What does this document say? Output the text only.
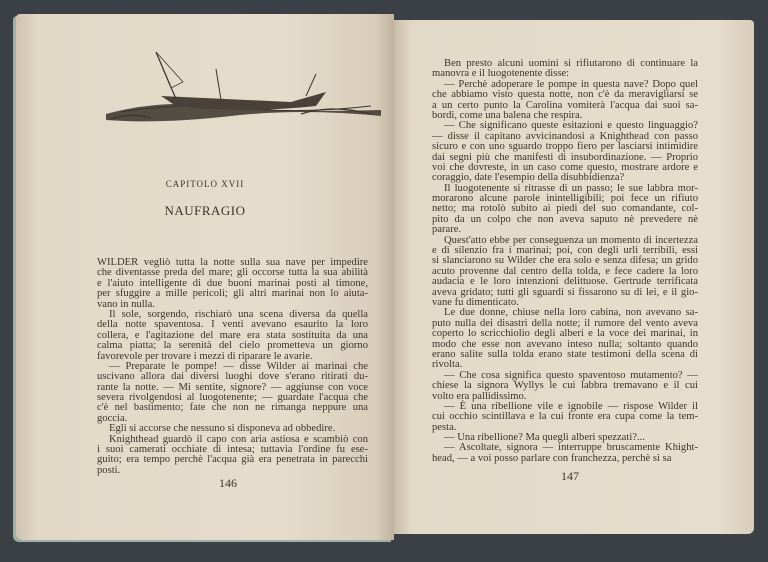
CAPITOLO XVII
NAUFRAGIO
WILDER vegliò tutta la notte sulla sua nave per impedire
che diventasse preda del mare; gli occorse tutta la sua abilità
e l'aiuto intelligente di due buoni marinai posti al timone,
per sfuggire a mille pericoli; gli altri marinai non lo aiuta-
vano in nulla.
Il sole, sorgendo, rischiarò una scena diversa da quella
della notte spaventosa. I venti avevano esaurito la loro
collera, e l'agitazione del mare era stata sostituita da una
calma piatta; la serenità del cielo prometteva un giorno
favorevole per trovare i mezzi di riparare le avarie.
— Preparate le pompe! — disse Wilder ai marinai che
uscivano allora dai diversi luoghi dove s'erano ritirati du-
rante la notte. — Mi sentite, signore? — aggiunse con voce
severa rivolgendosi al luogotenente; — guardate l'acqua che
c'è nel bastimento; fate che non ne rimanga neppure una
goccia.
Egli si accorse che nessuno si disponeva ad obbedire.
Knighthead guardò il capo con aria astiosa e scambiò con
i suoi camerati occhiate di intesa; tuttavia l'ordine fu ese-
guito; era tempo perchè l'acqua già era penetrata in parecchi
posti.
146
Ben presto alcuni uomini si rifiutarono di continuare la
manovra e il luogotenente disse:
— Perchè adoperare le pompe in questa nave? Dopo quel
che abbiamo visto questa notte, non c'è da meravigliarsi se
a un certo punto la Carolina vomiterà l'acqua dai suoi sa-
bordi, come una balena che respira.
— Che significano queste esitazioni e questo linguaggio?
— disse il capitano avvicinandosi a Knighthead con passo
sicuro e con uno sguardo troppo fiero per lasciarsi intimidire
dai segni più che manifesti di insubordinazione. — Proprio
voi che dovreste, in un caso come questo, mostrare ardore e
coraggio, date l'esempio della disubbidienza?
Il luogotenente si ritrasse di un passo; le sue labbra mor-
morarono alcune parole inintelligibili; poi fece un rifiuto
netto; ma rotolò subito ai piedi del suo comandante, col-
pito da un colpo che non aveva saputo nè prevedere nè
parare.
Quest'atto ebbe per conseguenza un momento di incertezza
e di silenzio fra i marinai; poi, con degli urli terribili, essi
si slanciarono su Wilder che era solo e senza difesa; un grido
acuto provenne dal centro della tolda, e fece cadere la loro
audacia e le loro intenzioni delittuose. Gertrude terrificata
aveva gridato; tutti gli sguardi si fissarono su di lei, e il gio-
vane fu dimenticato.
Le due donne, chiuse nella loro cabina, non avevano sa-
puto nulla dei disastri della notte; il rumore del vento aveva
coperto lo scricchiolio degli alberi e la voce dei marinai, in
modo che esse non avevano inteso nulla; soltanto quando
erano salite sulla tolda erano state testimoni della scena di
rivolta.
— Che cosa significa questo spaventoso mutamento? —
chiese la signora Wyllys le cui labbra tremavano e il cui
volto era pallidissimo.
— È una ribellione vile e ignobile — rispose Wilder il
cui occhio scintillava e la cui fronte era cupa come la tem-
pesta.
— Una ribellione? Ma quegli alberi spezzati?...
— Ascoltate, signora — interruppe bruscamente Khight-
head, — a voi posso parlare con franchezza, perchè si sa
147
